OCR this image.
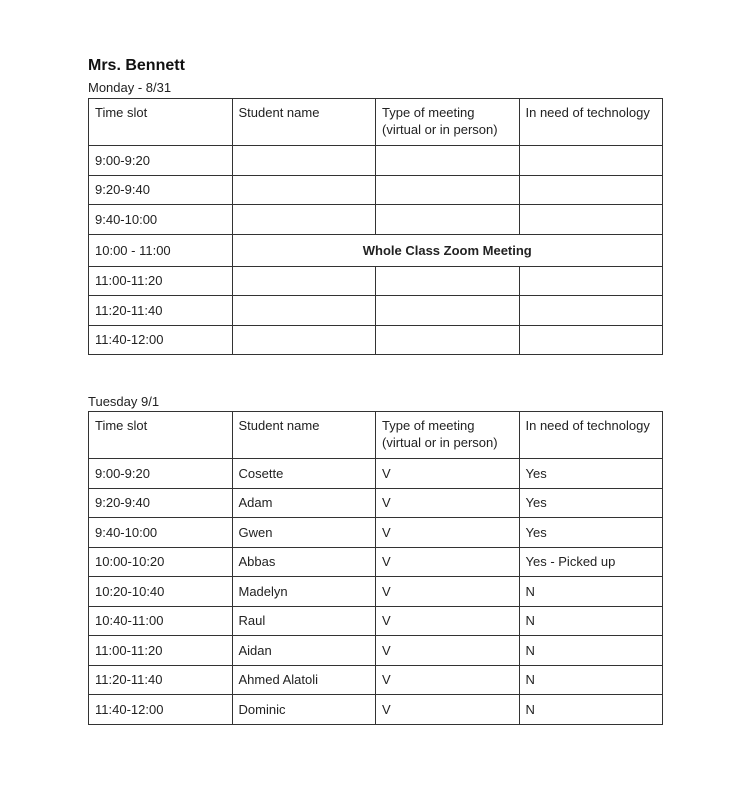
Mrs. Bennett
Monday - 8/31
Time slot	Student name	Type of meeting (virtual or in person)	In need of technology
9:00-9:20			
9:20-9:40			
9:40-10:00			
10:00 - 11:00	Whole Class Zoom Meeting		
11:00-11:20			
11:20-11:40			
11:40-12:00			
Tuesday 9/1
Time slot	Student name	Type of meeting (virtual or in person)	In need of technology
9:00-9:20	Cosette	V	Yes
9:20-9:40	Adam	V	Yes
9:40-10:00	Gwen	V	Yes
10:00-10:20	Abbas	V	Yes - Picked up
10:20-10:40	Madelyn	V	N
10:40-11:00	Raul	V	N
11:00-11:20	Aidan	V	N
11:20-11:40	Ahmed Alatoli	V	N
11:40-12:00	Dominic	V	N
